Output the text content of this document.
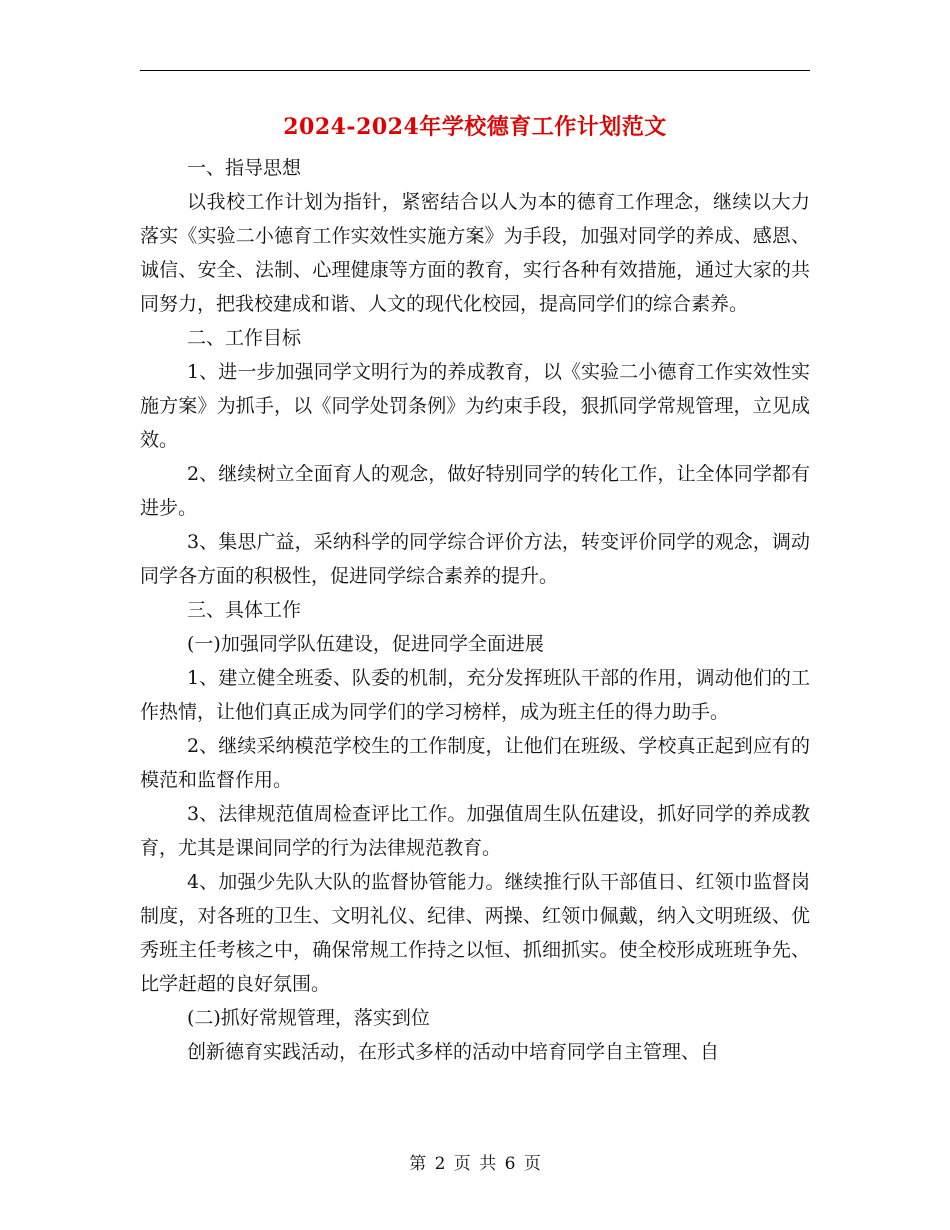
2024-2024年学校德育工作计划范文

一、指导思想

以我校工作计划为指针，紧密结合以人为本的德育工作理念，继续以大力落实《实验二小德育工作实效性实施方案》为手段，加强对同学的养成、感恩、诚信、安全、法制、心理健康等方面的教育，实行各种有效措施，通过大家的共同努力，把我校建成和谐、人文的现代化校园，提高同学们的综合素养。

二、工作目标

1、进一步加强同学文明行为的养成教育，以《实验二小德育工作实效性实施方案》为抓手，以《同学处罚条例》为约束手段，狠抓同学常规管理，立见成效。

2、继续树立全面育人的观念，做好特别同学的转化工作，让全体同学都有进步。

3、集思广益，采纳科学的同学综合评价方法，转变评价同学的观念，调动同学各方面的积极性，促进同学综合素养的提升。

三、具体工作

(一)加强同学队伍建设，促进同学全面进展

1、建立健全班委、队委的机制，充分发挥班队干部的作用，调动他们的工作热情，让他们真正成为同学们的学习榜样，成为班主任的得力助手。

2、继续采纳模范学校生的工作制度，让他们在班级、学校真正起到应有的模范和监督作用。

3、法律规范值周检查评比工作。加强值周生队伍建设，抓好同学的养成教育，尤其是课间同学的行为法律规范教育。

4、加强少先队大队的监督协管能力。继续推行队干部值日、红领巾监督岗制度，对各班的卫生、文明礼仪、纪律、两操、红领巾佩戴，纳入文明班级、优秀班主任考核之中，确保常规工作持之以恒、抓细抓实。使全校形成班班争先、比学赶超的良好氛围。

(二)抓好常规管理，落实到位

创新德育实践活动，在形式多样的活动中培育同学自主管理、自

第 2 页 共 6 页
